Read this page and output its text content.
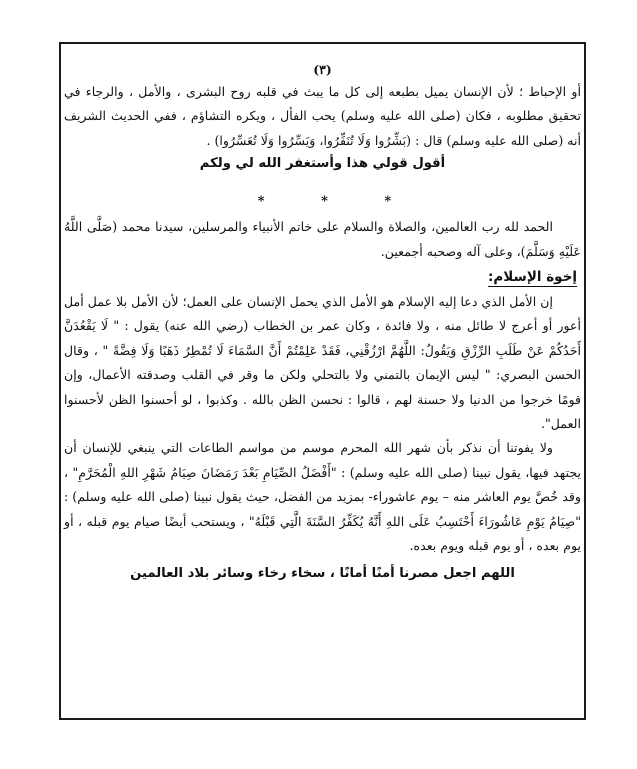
(٣)

أو الإحباط ؛ لأن الإنسان يميل بطبعه إلى كل ما يبث في قلبه روح البشرى ، والأمل ، والرجاء في تحقيق مطلوبه ، فكان (صلى الله عليه وسلم) يحب الفأل ، ويكره التشاؤم ، ففي الحديث الشريف أنه (صلى الله عليه وسلم) قال : (بَشِّرُوا وَلَا تُنَفِّرُوا، وَيَسِّرُوا وَلَا تُعَسِّرُوا) .

أقول قولي هذا وأستغفر الله لي ولكم
* * *

الحمد لله رب العالمين، والصلاة والسلام على خاتم الأنبياء والمرسلين، سيدنا محمد (صَلَّى اللَّهُ عَلَيْهِ وَسَلَّمَ)، وعلى آله وصحبه أجمعين.

إخوة الإسلام:

إن الأمل الذي دعا إليه الإسلام هو الأمل الذي يحمل الإنسان على العمل؛ لأن الأمل بلا عمل أمل أعور أو أعرج لا طائل منه ، ولا فائدة ، وكان عمر بن الخطاب (رضي الله عنه) يقول : " لَا يَقْعُدَنَّ أَحَدُكُمْ عَنْ طَلَبِ الرِّزْقِ وَيَقُولُ: اللَّهُمَّ ارْزُقْنِي، فَقَدْ عَلِمْتُمْ أَنَّ السَّمَاءَ لَا تُمْطِرُ ذَهَبًا وَلَا فِضَّةً " ، وقال الحسن البصري: " ليس الإيمان بالتمني ولا بالتحلي ولكن ما وقر في القلب وصدقته الأعمال، وإن قومًا خرجوا من الدنيا ولا حسنة لهم ، قالوا : نحسن الظن بالله . وكذبوا ، لو أحسنوا الظن لأحسنوا العمل".

ولا يفوتنا أن نذكر بأن شهر الله المحرم موسم من مواسم الطاعات التي ينبغي للإنسان أن يجتهد فيها، يقول نبينا (صلى الله عليه وسلم) : "أَفْضَلُ الصِّيَامِ بَعْدَ رَمَضَانَ صِيَامُ شَهْرِ اللهِ الْمُحَرَّمِ" ، وقد خُصَّ يوم العاشر منه – يوم عاشوراء- بمزيد من الفضل، حيث يقول نبينا (صلى الله عليه وسلم) : "صِيَامُ يَوْمِ عَاشُورَاءَ أَحْتَسِبُ عَلَى اللهِ أَنَّهُ يُكَفِّرُ السَّنَةَ الَّتِي قَبْلَهُ" ، ويستحب أيضًا صيام يوم قبله ، أو يوم بعده ، أو يوم قبله ويوم بعده.

اللهم اجعل مصرنا أمنًا أمانًا ، سخاء رخاء وسائر بلاد العالمين
